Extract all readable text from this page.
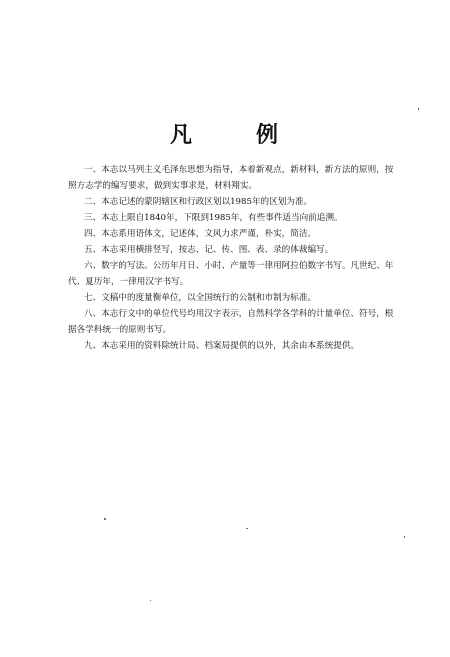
凡	例

一、本志以马列主义毛泽东思想为指导，本着新观点，新材料，新方法的原则，按

照方志学的编写要求，做到实事求是，材料翔实。

二、本志记述的蒙阴辖区和行政区划以1985年的区划为准。

三、本志上限自1840年，下限到1985年，有些事件适当向前追溯。

四、本志系用语体文，记述体，文风力求严谨，朴实，简洁。

五、本志采用横排竖写，按志、记、传、图、表、录的体裁编写。

六、数字的写法。公历年月日、小时、产量等一律用阿拉伯数字书写。凡世纪、年

代、夏历年，一律用汉字书写。

七、文稿中的度量衡单位，以全国统行的公制和市制为标准。

八、本志行文中的单位代号均用汉字表示，自然科学各学科的计量单位、符号，根

据各学科统一的原则书写。

九、本志采用的资料除统计局、档案局提供的以外，其余由本系统提供。
